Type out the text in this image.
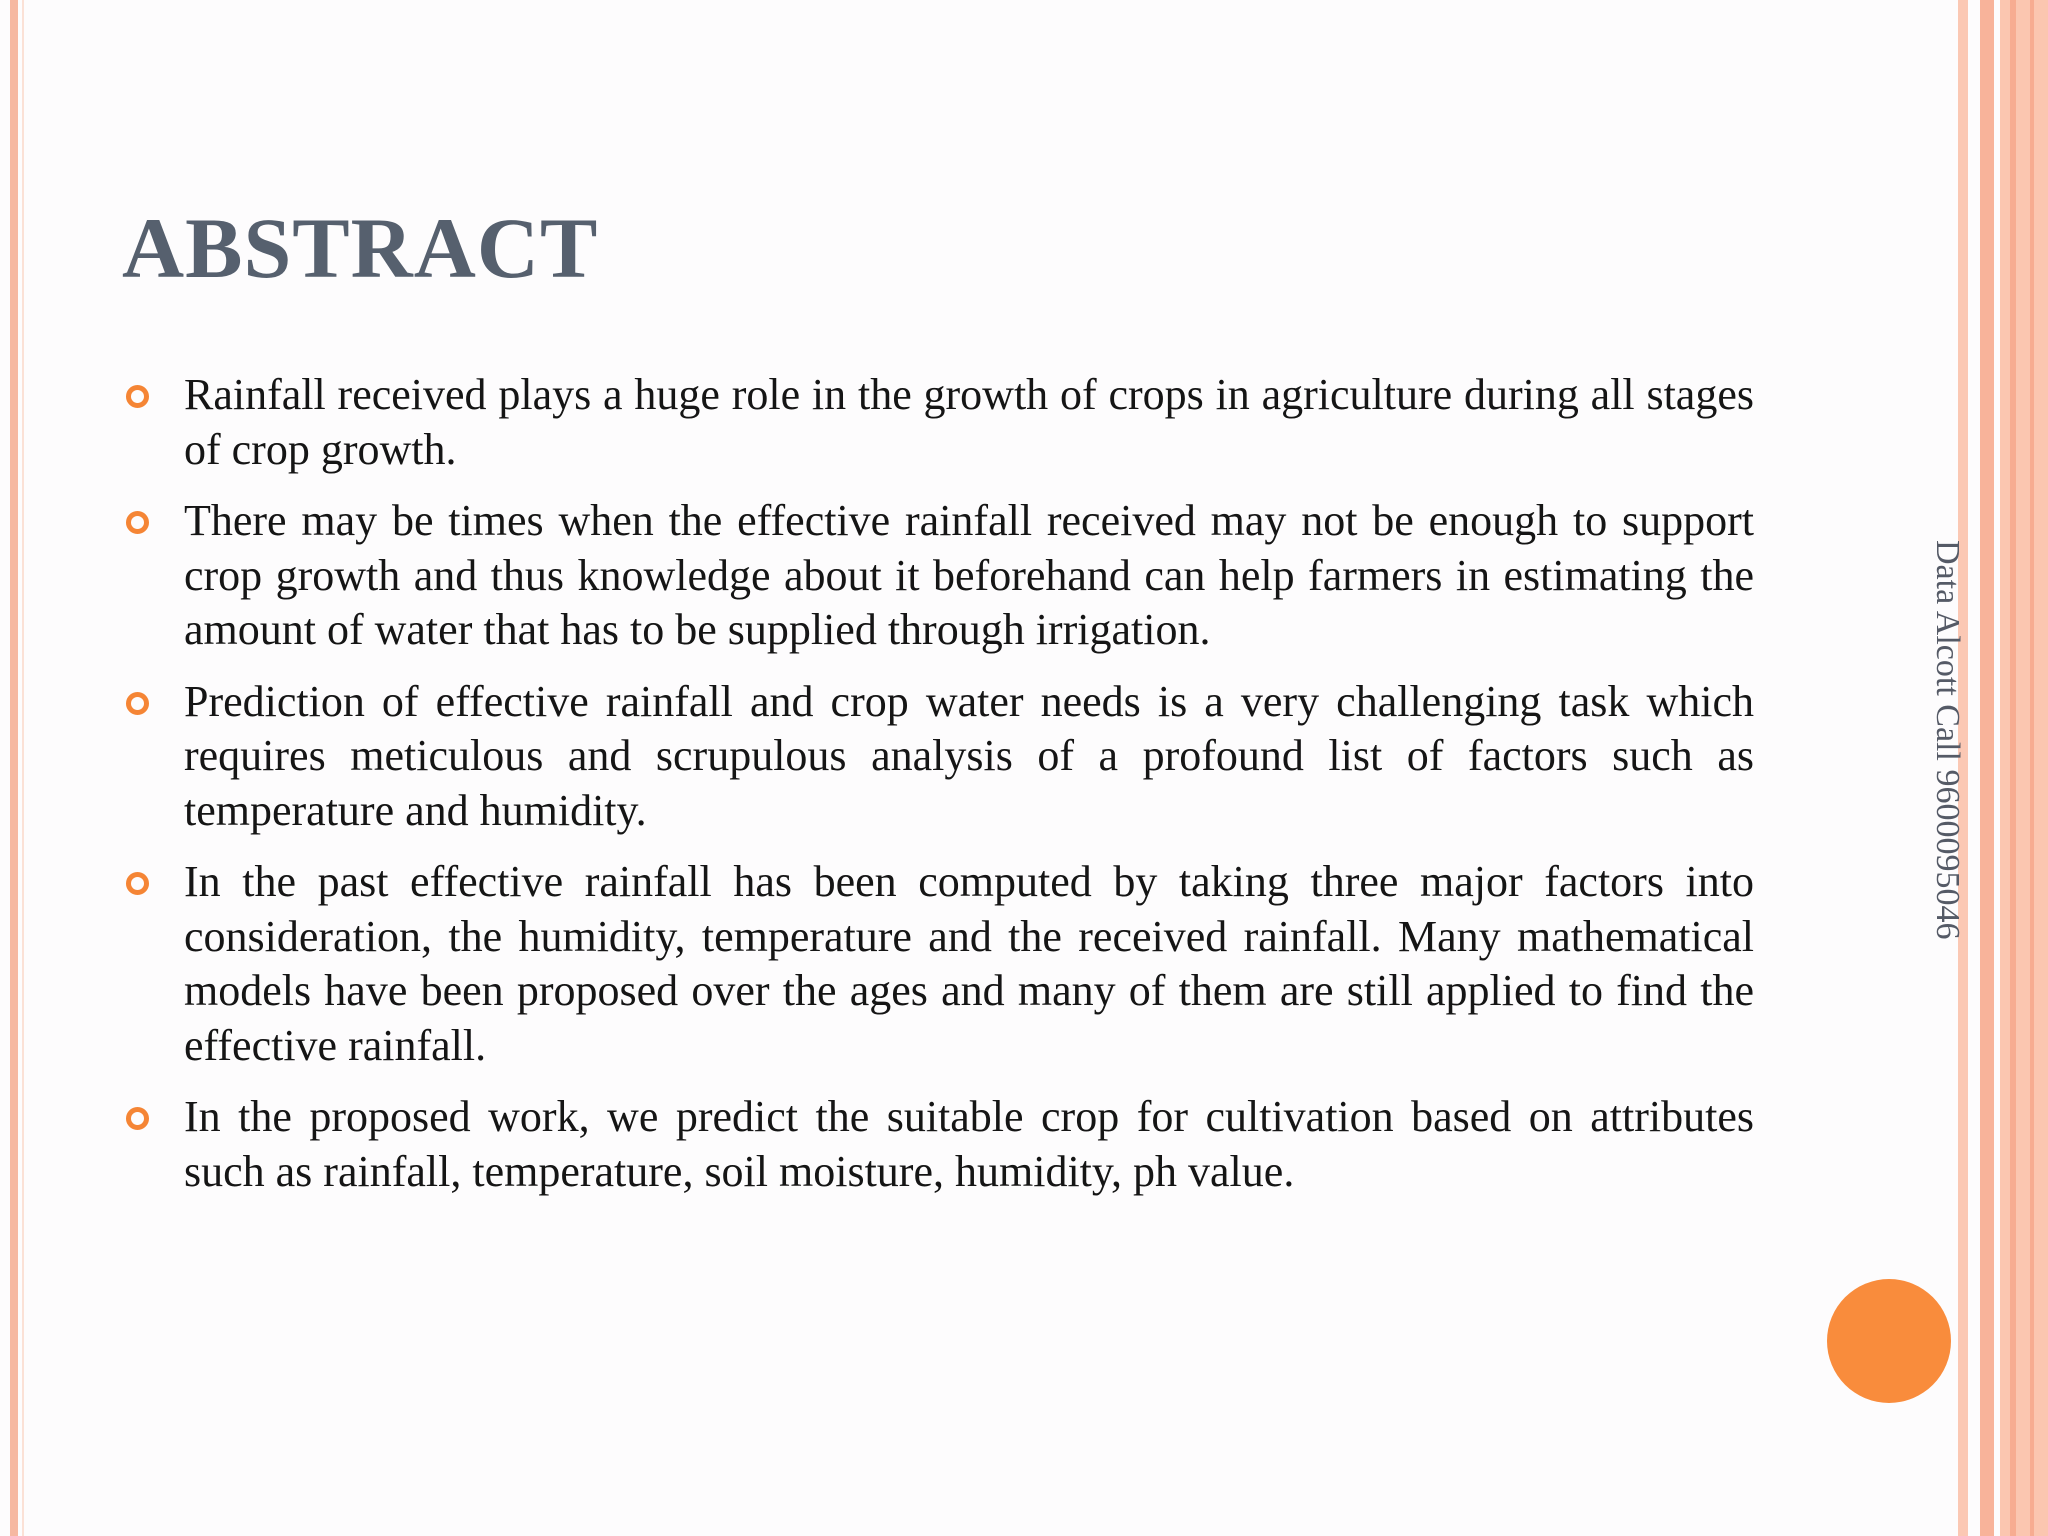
ABSTRACT
Rainfall received plays a huge role in the growth of crops in agriculture during all stages of crop growth.
There may be times when the effective rainfall received may not be enough to support crop growth and thus knowledge about it beforehand can help farmers in estimating the amount of water that has to be supplied through irrigation.
Prediction of effective rainfall and crop water needs is a very challenging task which requires meticulous and scrupulous analysis of a profound list of factors such as temperature and humidity.
In the past effective rainfall has been computed by taking three major factors into consideration, the humidity, temperature and the received rainfall. Many mathematical models have been proposed over the ages and many of them are still applied to find the effective rainfall.
In the proposed work, we predict the suitable crop for cultivation based on attributes such as rainfall, temperature, soil moisture, humidity, ph value.
Data Alcott Call 9600095046
